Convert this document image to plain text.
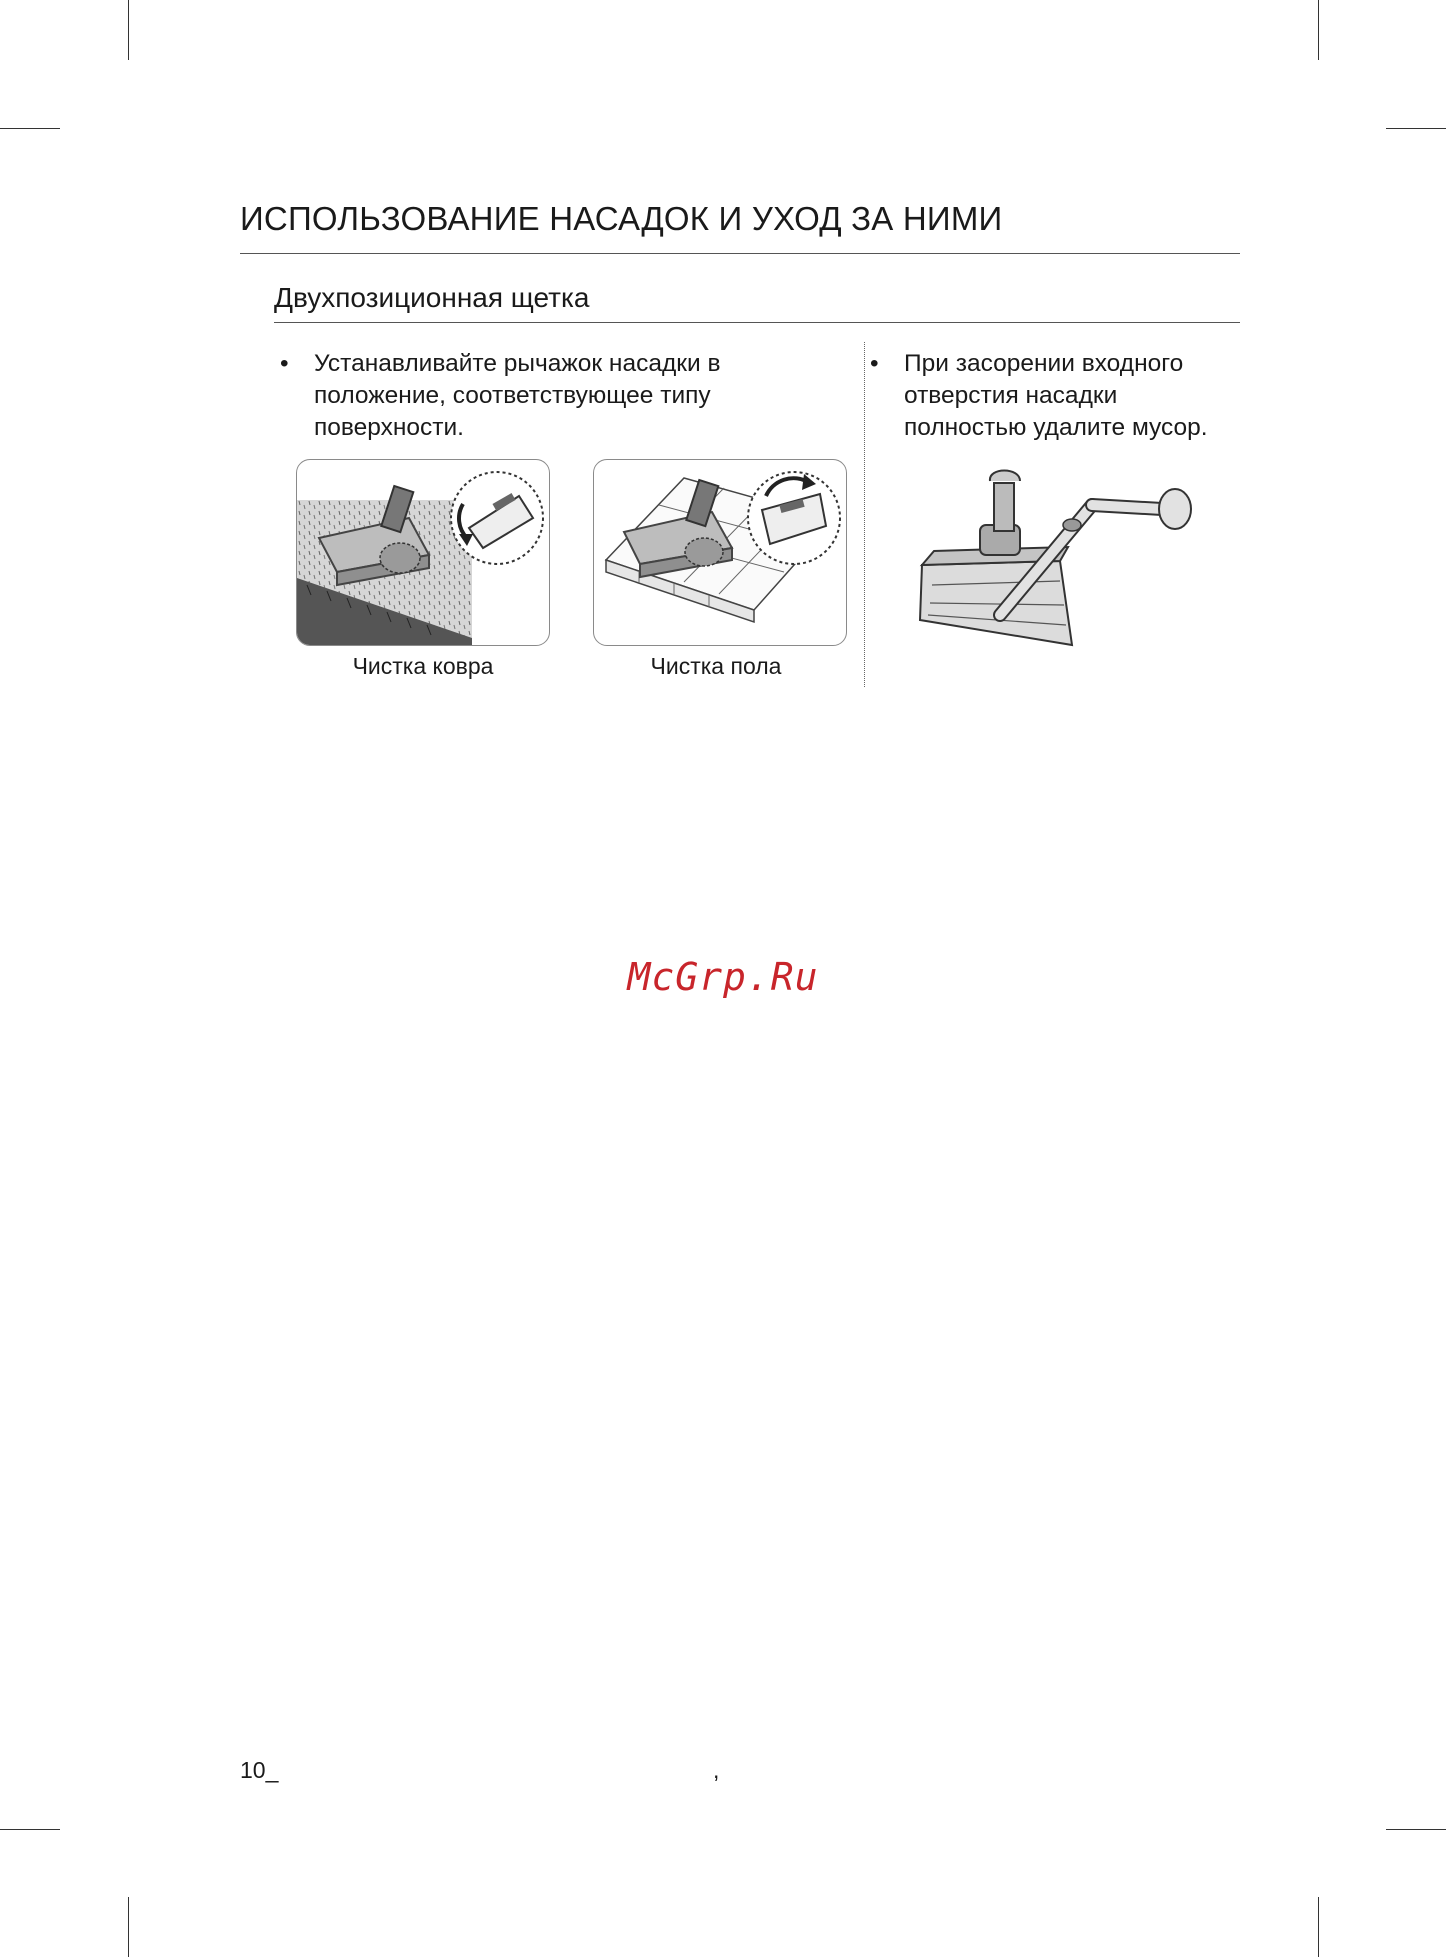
ИСПОЛЬЗОВАНИЕ НАСАДОК И УХОД ЗА НИМИ
Двухпозиционная щетка
• Устанавливайте рычажок насадки в
положение, соответствующее типу
поверхности.
• При засорении входного
отверстия насадки
полностью удалите мусор.
Чистка ковра	Чистка пола
McGrp.Ru
10_	,
